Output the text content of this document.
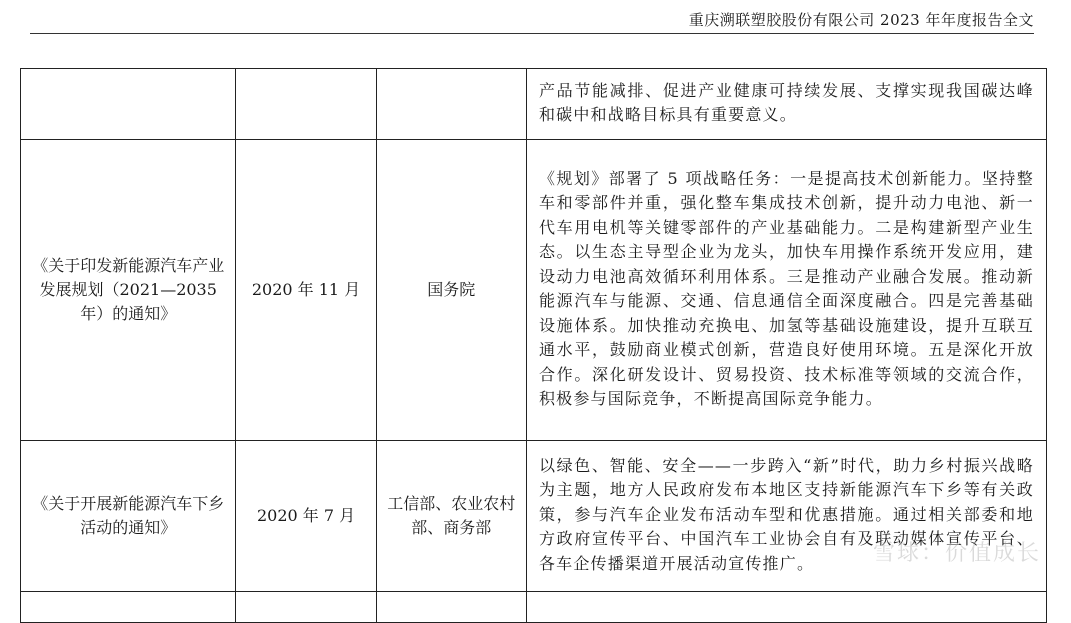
重庆溯联塑胶股份有限公司 2023 年年度报告全文
			产品节能减排、促进产业健康可持续发展、支撑实现我国碳达峰和碳中和战略目标具有重要意义。
《关于印发新能源汽车产业发展规划（2021—2035年）的通知》	2020 年 11 月	国务院	《规划》部署了 5 项战略任务：一是提高技术创新能力。坚持整车和零部件并重，强化整车集成技术创新，提升动力电池、新一代车用电机等关键零部件的产业基础能力。二是构建新型产业生态。以生态主导型企业为龙头，加快车用操作系统开发应用，建设动力电池高效循环利用体系。三是推动产业融合发展。推动新能源汽车与能源、交通、信息通信全面深度融合。四是完善基础设施体系。加快推动充换电、加氢等基础设施建设，提升互联互通水平，鼓励商业模式创新，营造良好使用环境。五是深化开放合作。深化研发设计、贸易投资、技术标准等领域的交流合作，积极参与国际竞争，不断提高国际竞争能力。
《关于开展新能源汽车下乡活动的通知》	2020 年 7 月	工信部、农业农村部、商务部	以绿色、智能、安全——一步跨入“新”时代，助力乡村振兴战略为主题，地方人民政府发布本地区支持新能源汽车下乡等有关政策，参与汽车企业发布活动车型和优惠措施。通过相关部委和地方政府宣传平台、中国汽车工业协会自有及联动媒体宣传平台、各车企传播渠道开展活动宣传推广。
				雪球：价值成长
